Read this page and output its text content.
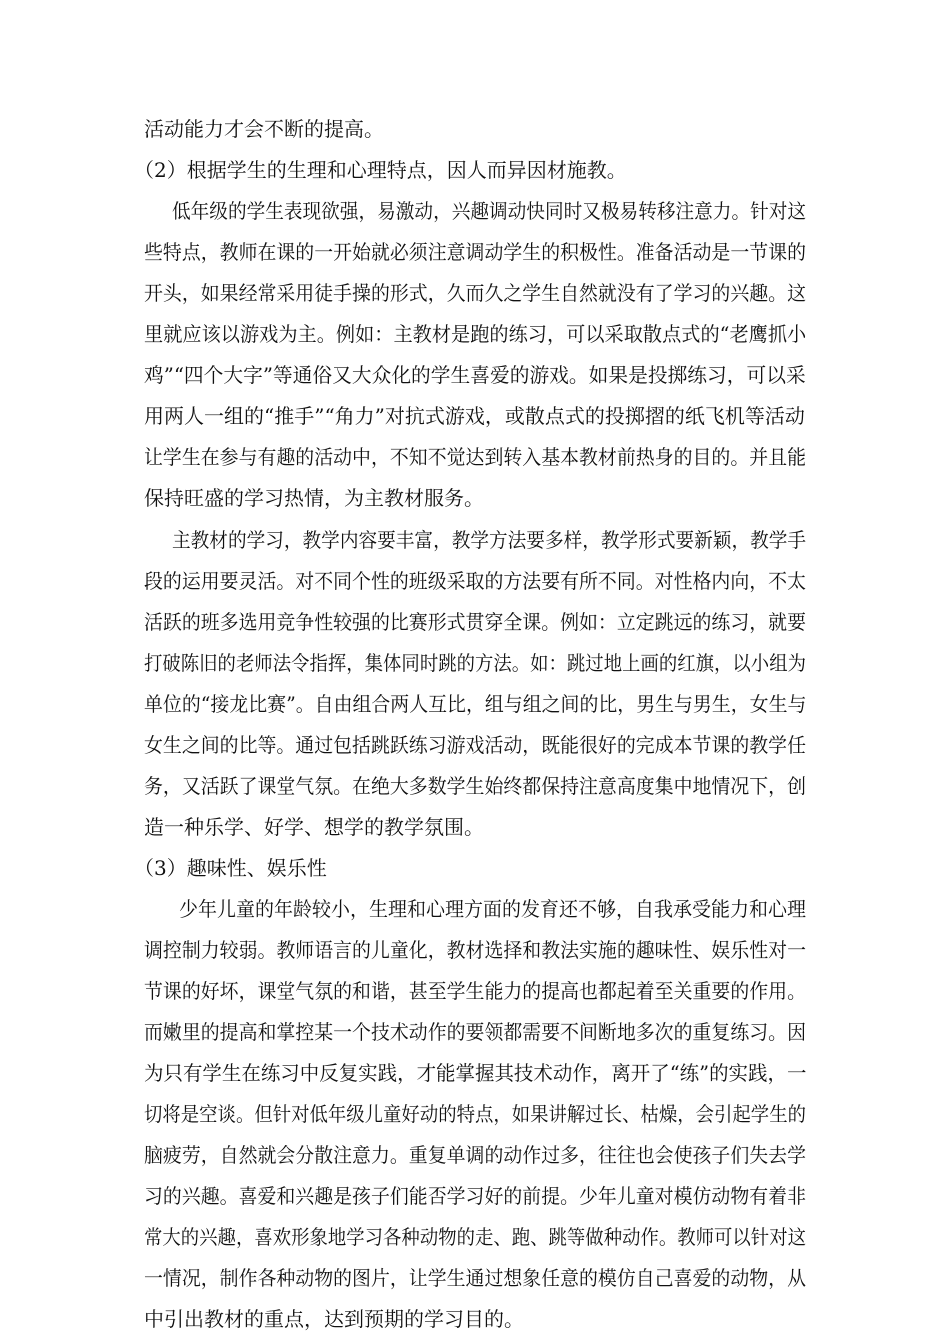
活动能力才会不断的提高。
（2）根据学生的生理和心理特点，因人而异因材施教。
低年级的学生表现欲强，易激动，兴趣调动快同时又极易转移注意力。针对这
些特点，教师在课的一开始就必须注意调动学生的积极性。准备活动是一节课的
开头，如果经常采用徒手操的形式，久而久之学生自然就没有了学习的兴趣。这
里就应该以游戏为主。例如：主教材是跑的练习，可以采取散点式的“老鹰抓小
鸡”“四个大字”等通俗又大众化的学生喜爱的游戏。如果是投掷练习，可以采
用两人一组的“推手”“角力”对抗式游戏，或散点式的投掷摺的纸飞机等活动
让学生在参与有趣的活动中，不知不觉达到转入基本教材前热身的目的。并且能
保持旺盛的学习热情，为主教材服务。
主教材的学习，教学内容要丰富，教学方法要多样，教学形式要新颖，教学手
段的运用要灵活。对不同个性的班级采取的方法要有所不同。对性格内向，不太
活跃的班多选用竞争性较强的比赛形式贯穿全课。例如：立定跳远的练习，就要
打破陈旧的老师法令指挥，集体同时跳的方法。如：跳过地上画的红旗，以小组为
单位的“接龙比赛”。自由组合两人互比，组与组之间的比，男生与男生，女生与
女生之间的比等。通过包括跳跃练习游戏活动，既能很好的完成本节课的教学任
务，又活跃了课堂气氛。在绝大多数学生始终都保持注意高度集中地情况下，创
造一种乐学、好学、想学的教学氛围。
（3）趣味性、娱乐性
少年儿童的年龄较小，生理和心理方面的发育还不够，自我承受能力和心理
调控制力较弱。教师语言的儿童化，教材选择和教法实施的趣味性、娱乐性对一
节课的好坏，课堂气氛的和谐，甚至学生能力的提高也都起着至关重要的作用。
而嫩里的提高和掌控某一个技术动作的要领都需要不间断地多次的重复练习。因
为只有学生在练习中反复实践，才能掌握其技术动作，离开了“练”的实践，一
切将是空谈。但针对低年级儿童好动的特点，如果讲解过长、枯燥，会引起学生的
脑疲劳，自然就会分散注意力。重复单调的动作过多，往往也会使孩子们失去学
习的兴趣。喜爱和兴趣是孩子们能否学习好的前提。少年儿童对模仿动物有着非
常大的兴趣，喜欢形象地学习各种动物的走、跑、跳等做种动作。教师可以针对这
一情况，制作各种动物的图片，让学生通过想象任意的模仿自己喜爱的动物，从
中引出教材的重点，达到预期的学习目的。
